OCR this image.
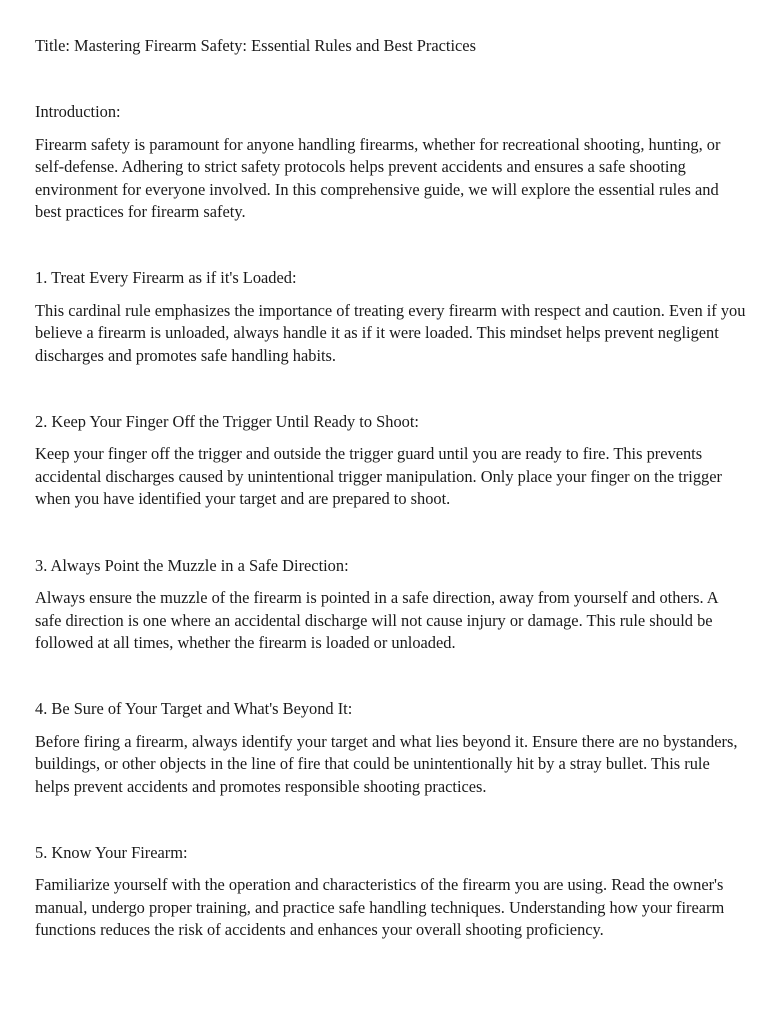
Title: Mastering Firearm Safety: Essential Rules and Best Practices

Introduction:

Firearm safety is paramount for anyone handling firearms, whether for recreational shooting, hunting, or self-defense. Adhering to strict safety protocols helps prevent accidents and ensures a safe shooting environment for everyone involved. In this comprehensive guide, we will explore the essential rules and best practices for firearm safety.

1. Treat Every Firearm as if it's Loaded:

This cardinal rule emphasizes the importance of treating every firearm with respect and caution. Even if you believe a firearm is unloaded, always handle it as if it were loaded. This mindset helps prevent negligent discharges and promotes safe handling habits.

2. Keep Your Finger Off the Trigger Until Ready to Shoot:

Keep your finger off the trigger and outside the trigger guard until you are ready to fire. This prevents accidental discharges caused by unintentional trigger manipulation. Only place your finger on the trigger when you have identified your target and are prepared to shoot.

3. Always Point the Muzzle in a Safe Direction:

Always ensure the muzzle of the firearm is pointed in a safe direction, away from yourself and others. A safe direction is one where an accidental discharge will not cause injury or damage. This rule should be followed at all times, whether the firearm is loaded or unloaded.

4. Be Sure of Your Target and What's Beyond It:

Before firing a firearm, always identify your target and what lies beyond it. Ensure there are no bystanders, buildings, or other objects in the line of fire that could be unintentionally hit by a stray bullet. This rule helps prevent accidents and promotes responsible shooting practices.

5. Know Your Firearm:

Familiarize yourself with the operation and characteristics of the firearm you are using. Read the owner's manual, undergo proper training, and practice safe handling techniques. Understanding how your firearm functions reduces the risk of accidents and enhances your overall shooting proficiency.
